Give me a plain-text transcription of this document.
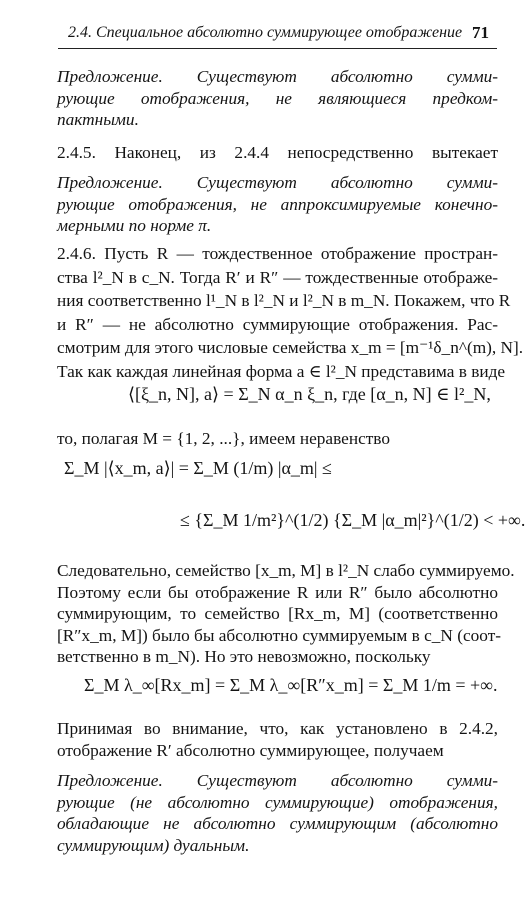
2.4. Специальное абсолютно суммирующее отображение 71
Предложение. Существуют абсолютно сумми-
рующие отображения, не являющиеся предком-
пактными.
2.4.5. Наконец, из 2.4.4 непосредственно вытекает
Предложение. Существуют абсолютно сумми-
рующие отображения, не аппроксимируемые конечно-
мерными по норме π.
2.4.6. Пусть R — тождественное отображение простран-
ства l²_N в c_N. Тогда R′ и R″ — тождественные отображе-
ния соответственно l¹_N в l²_N и l²_N в m_N. Покажем, что R
и R″ — не абсолютно суммирующие отображения. Рас-
смотрим для этого числовые семейства x_m = [m⁻¹δ_n^(m), N].
Так как каждая линейная форма a ∈ l²_N представима в виде
⟨[ξ_n, N], a⟩ = Σ_N α_n ξ_n, где [α_n, N] ∈ l²_N,
то, полагая M = {1, 2, ...}, имеем неравенство
Σ_M |⟨x_m, a⟩| = Σ_M (1/m) |α_m| ≤
≤ {Σ_M 1/m²}^(1/2) {Σ_M |α_m|²}^(1/2) < +∞.
Следовательно, семейство [x_m, M] в l²_N слабо суммируемо.
Поэтому если бы отображение R или R″ было абсолютно
суммирующим, то семейство [Rx_m, M] (соответственно
[R″x_m, M]) было бы абсолютно суммируемым в c_N (соот-
ветственно в m_N). Но это невозможно, поскольку
Σ_M λ_∞[Rx_m] = Σ_M λ_∞[R″x_m] = Σ_M 1/m = +∞.
Принимая во внимание, что, как установлено в 2.4.2,
отображение R′ абсолютно суммирующее, получаем
Предложение. Существуют абсолютно сумми-
рующие (не абсолютно суммирующие) отображения,
обладающие не абсолютно суммирующим (абсолютно
суммирующим) дуальным.
